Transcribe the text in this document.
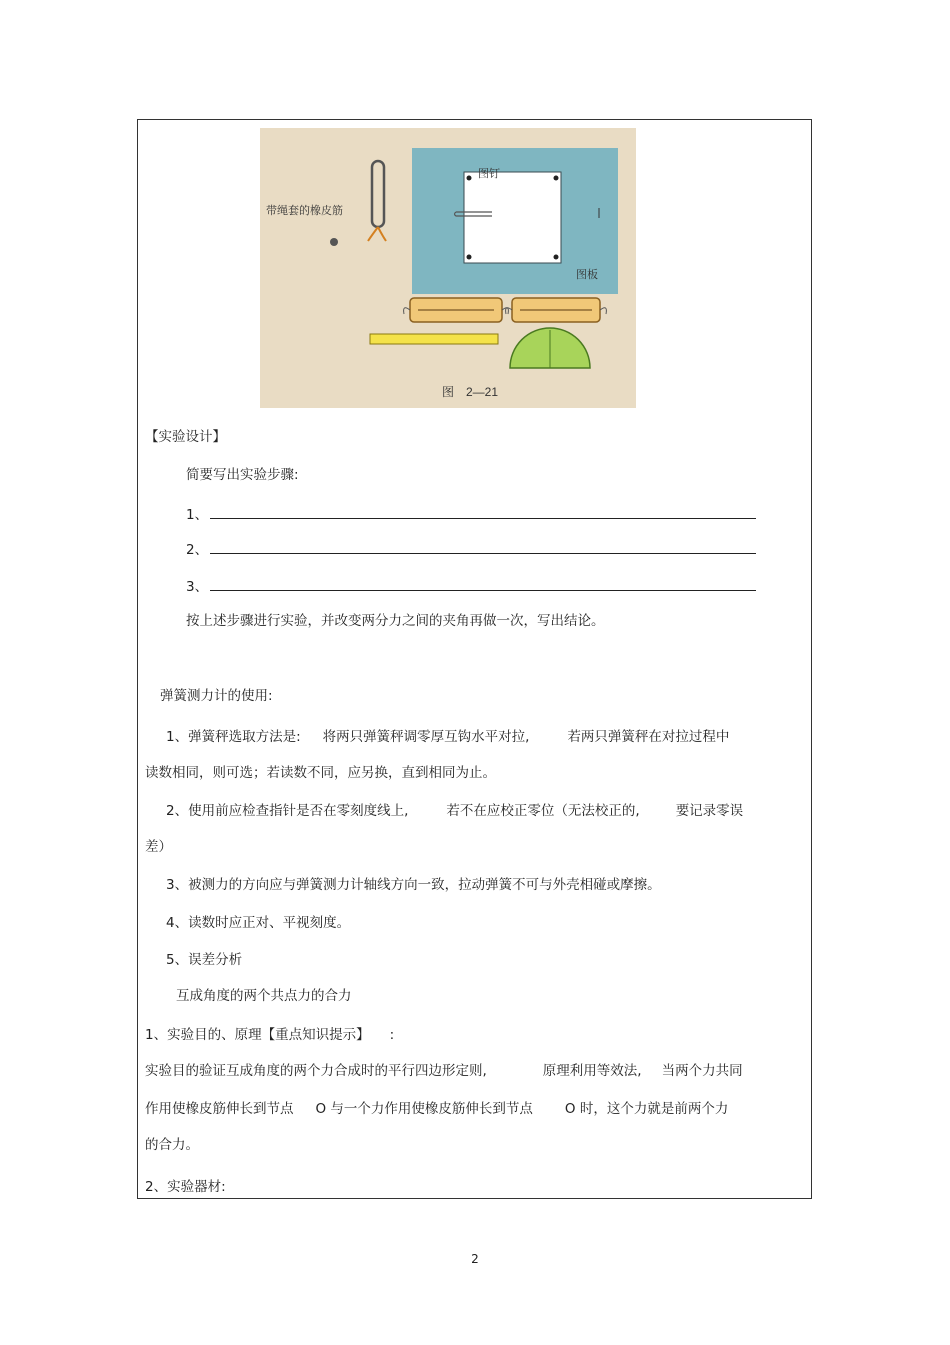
带绳套的橡皮筋
图钉
图板
图　2—21
【实验设计】
简要写出实验步骤:
1、
2、
3、
按上述步骤进行实验，并改变两分力之间的夹角再做一次，写出结论。
弹簧测力计的使用:
1、弹簧秤选取方法是: 将两只弹簧秤调零厚互钩水平对拉,	若两只弹簧秤在对拉过程中
读数相同，则可选；若读数不同，应另换，直到相同为止。
2、使用前应检查指针是否在零刻度线上,	若不在应校正零位（无法校正的,	要记录零误
差）
3、被测力的方向应与弹簧测力计轴线方向一致，拉动弹簧不可与外壳相碰或摩擦。
4、读数时应正对、平视刻度。
5、误差分析
互成角度的两个共点力的合力
1、实验目的、原理【重点知识提示】 :
实验目的验证互成角度的两个力合成时的平行四边形定则,	原理利用等效法, 当两个力共同
作用使橡皮筋伸长到节点 O 与一个力作用使橡皮筋伸长到节点 O 时，这个力就是前两个力
的合力。
2、实验器材:
2
